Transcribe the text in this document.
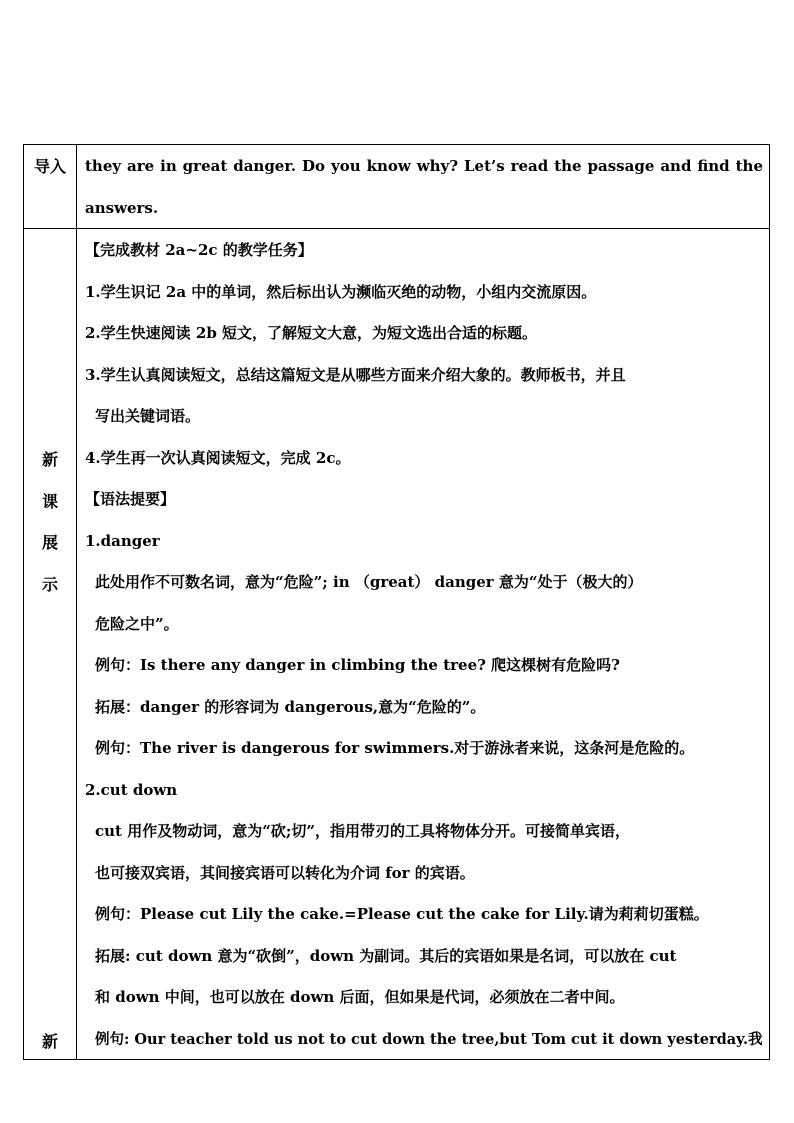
导入	they are in great danger. Do you know why? Let’s read the passage and find the
answers.
新
课
展
示
新
【完成教材 2a~2c 的教学任务】
1.学生识记 2a 中的单词，然后标出认为濒临灭绝的动物，小组内交流原因。
2.学生快速阅读 2b 短文，了解短文大意，为短文选出合适的标题。
3.学生认真阅读短文，总结这篇短文是从哪些方面来介绍大象的。教师板书，并且
写出关键词语。
4.学生再一次认真阅读短文，完成 2c。
【语法提要】
1.danger
此处用作不可数名词，意为“危险”; in （great） danger 意为“处于（极大的）
危险之中”。
例句：Is there any danger in climbing the tree? 爬这棵树有危险吗?
拓展：danger 的形容词为 dangerous,意为“危险的”。
例句：The river is dangerous for swimmers.对于游泳者来说，这条河是危险的。
2.cut down
cut 用作及物动词，意为“砍;切”，指用带刃的工具将物体分开。可接简单宾语，
也可接双宾语，其间接宾语可以转化为介词 for 的宾语。
例句：Please cut Lily the cake.=Please cut the cake for Lily.请为莉莉切蛋糕。
拓展: cut down 意为“砍倒”，down 为副词。其后的宾语如果是名词，可以放在 cut
和 down 中间，也可以放在 down 后面，但如果是代词，必须放在二者中间。
例句: Our teacher told us not to cut down the tree,but Tom cut it down yesterday.我
